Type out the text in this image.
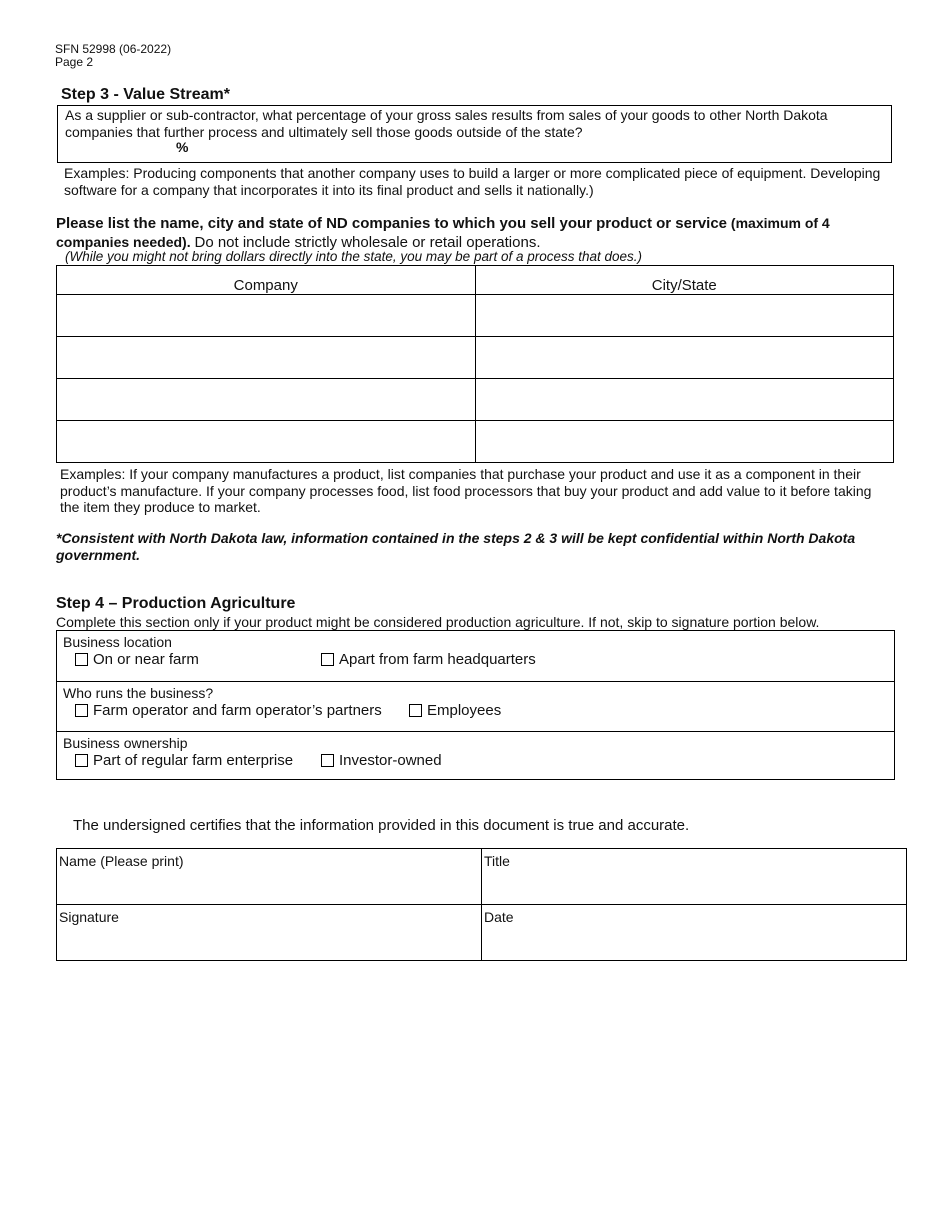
SFN 52998 (06-2022)
Page 2
Step 3 - Value Stream*
As a supplier or sub-contractor, what percentage of your gross sales results from sales of your goods to other North Dakota companies that further process and ultimately sell those goods outside of the state?
%
Examples: Producing components that another company uses to build a larger or more complicated piece of equipment. Developing software for a company that incorporates it into its final product and sells it nationally.)
Please list the name, city and state of ND companies to which you sell your product or service (maximum of 4 companies needed). Do not include strictly wholesale or retail operations.
(While you might not bring dollars directly into the state, you may be part of a process that does.)
Company	City/State

Examples: If your company manufactures a product, list companies that purchase your product and use it as a component in their product’s manufacture. If your company processes food, list food processors that buy your product and add value to it before taking the item they produce to market.
*Consistent with North Dakota law, information contained in the steps 2 & 3 will be kept confidential within North Dakota government.
Step 4 – Production Agriculture
Complete this section only if your product might be considered production agriculture. If not, skip to signature portion below.
Business location
On or near farm	Apart from farm headquarters
Who runs the business?
Farm operator and farm operator’s partners	Employees
Business ownership
Part of regular farm enterprise	Investor-owned
The undersigned certifies that the information provided in this document is true and accurate.
Name (Please print)	Title
Signature	Date
